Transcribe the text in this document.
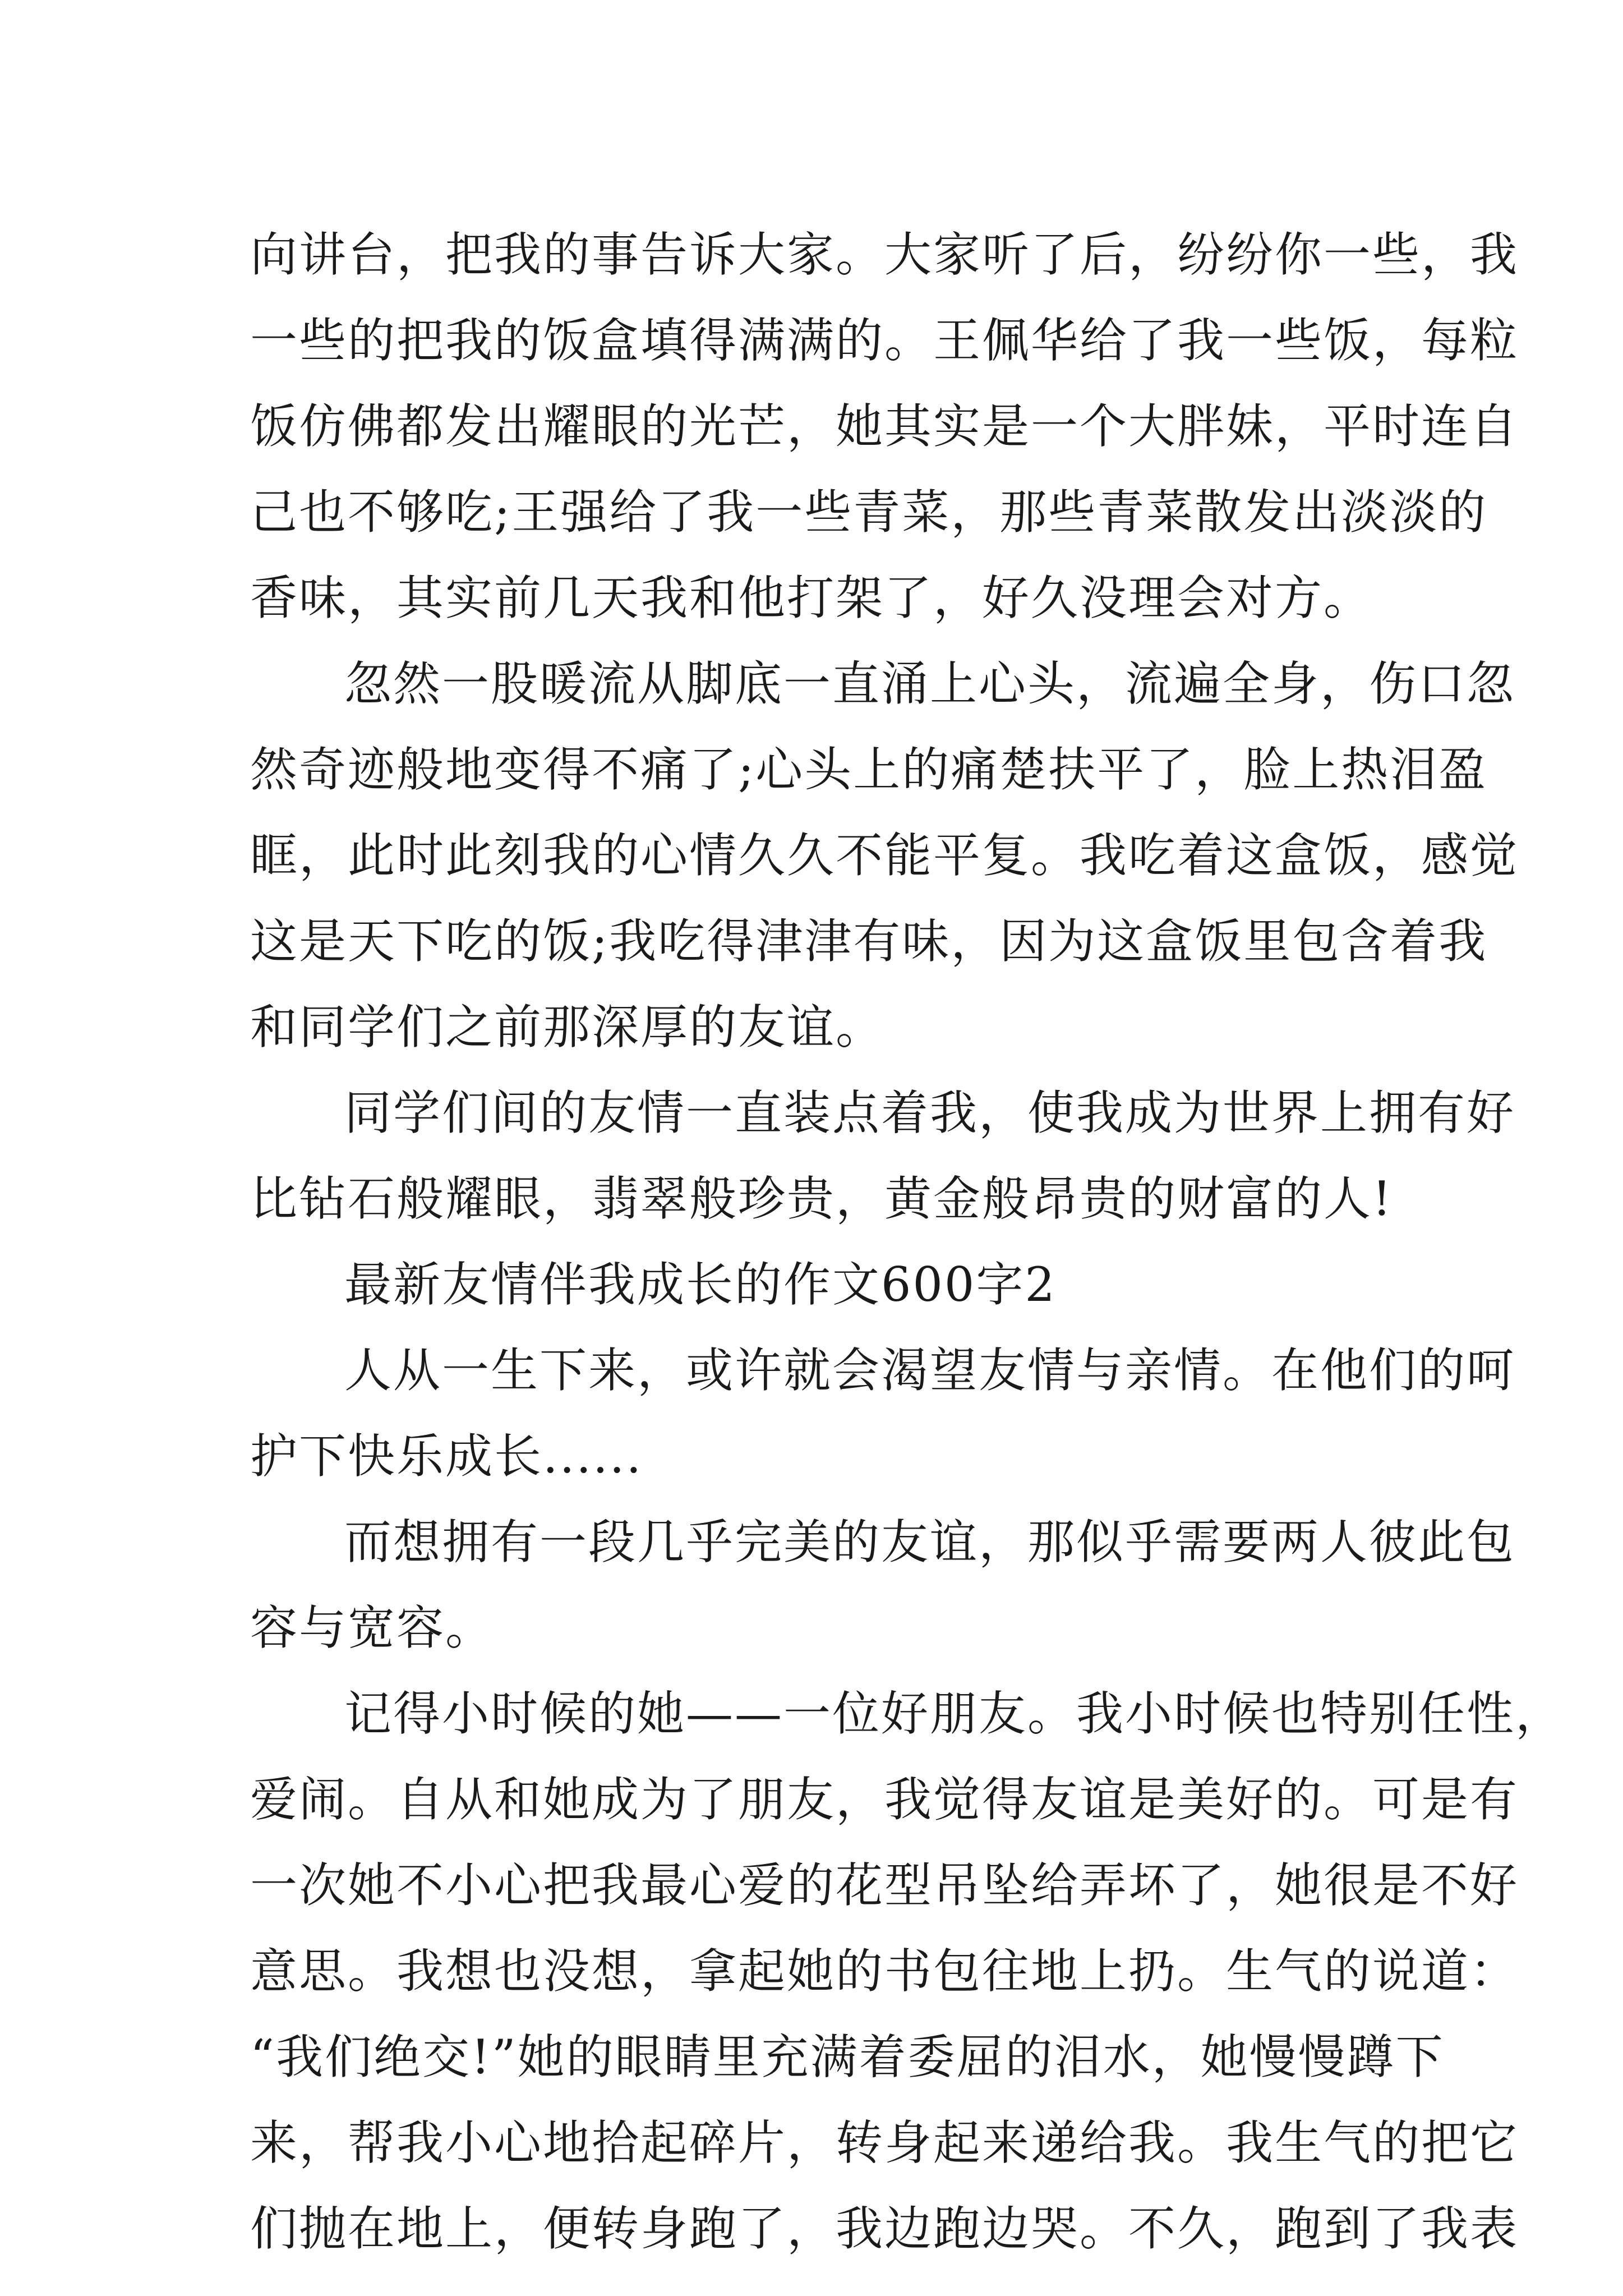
向讲台，把我的事告诉大家。大家听了后，纷纷你一些，我
一些的把我的饭盒填得满满的。王佩华给了我一些饭，每粒
饭仿佛都发出耀眼的光芒，她其实是一个大胖妹，平时连自
己也不够吃;王强给了我一些青菜，那些青菜散发出淡淡的
香味，其实前几天我和他打架了，好久没理会对方。
忽然一股暖流从脚底一直涌上心头，流遍全身，伤口忽
然奇迹般地变得不痛了;心头上的痛楚扶平了，脸上热泪盈
眶，此时此刻我的心情久久不能平复。我吃着这盒饭，感觉
这是天下吃的饭;我吃得津津有味，因为这盒饭里包含着我
和同学们之前那深厚的友谊。
同学们间的友情一直装点着我，使我成为世界上拥有好
比钻石般耀眼，翡翠般珍贵，黄金般昂贵的财富的人!
最新友情伴我成长的作文600字2
人从一生下来，或许就会渴望友情与亲情。在他们的呵
护下快乐成长......
而想拥有一段几乎完美的友谊，那似乎需要两人彼此包
容与宽容。
记得小时候的她——一位好朋友。我小时候也特别任性，
爱闹。自从和她成为了朋友，我觉得友谊是美好的。可是有
一次她不小心把我最心爱的花型吊坠给弄坏了，她很是不好
意思。我想也没想，拿起她的书包往地上扔。生气的说道：
“我们绝交!”她的眼睛里充满着委屈的泪水，她慢慢蹲下
来，帮我小心地拾起碎片，转身起来递给我。我生气的把它
们抛在地上，便转身跑了，我边跑边哭。不久，跑到了我表
